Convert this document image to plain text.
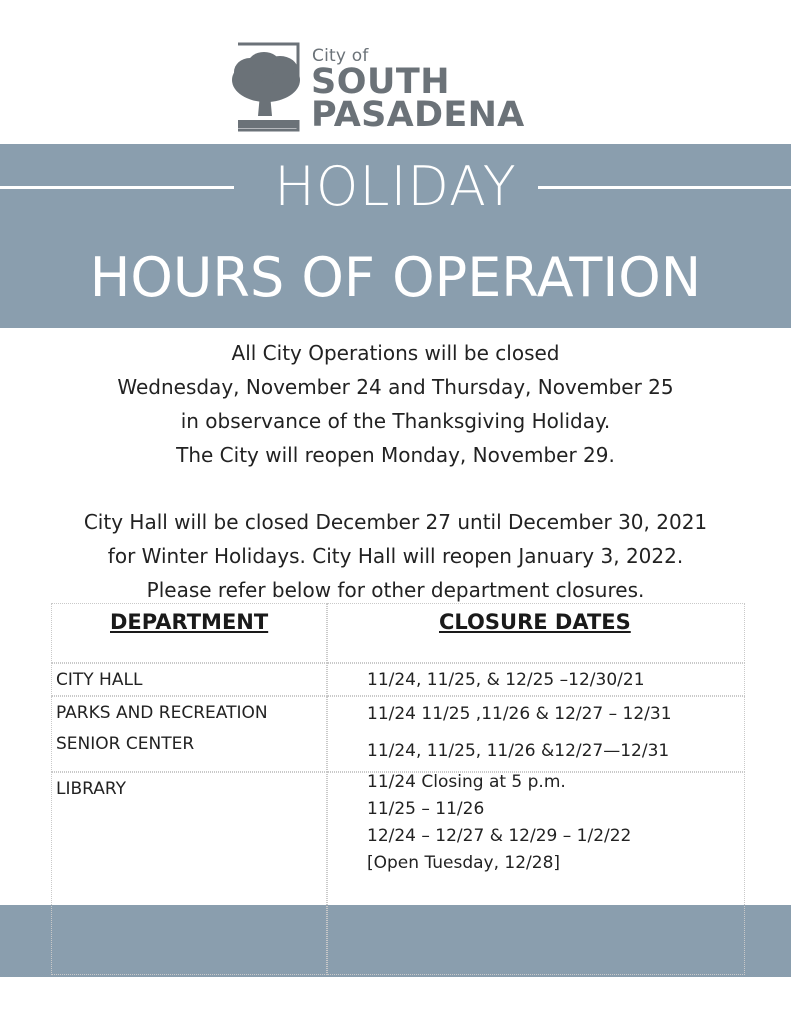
City of
SOUTH
PASADENA
HOLIDAY
HOURS OF OPERATION

All City Operations will be closed

Wednesday, November 24 and Thursday, November 25

in observance of the Thanksgiving Holiday.

The City will reopen Monday, November 29.

City Hall will be closed December 27 until December 30, 2021

for Winter Holidays. City Hall will reopen January 3, 2022.

Please refer below for other department closures.

DEPARTMENT	CLOSURE DATES
CITY HALL	11/24, 11/25, & 12/25 –12/30/21
PARKS AND RECREATION	11/24 11/25 ,11/26 & 12/27 – 12/31
SENIOR CENTER	11/24, 11/25, 11/26 &12/27—12/31
LIBRARY	11/24 Closing at 5 p.m.
11/25 – 11/26
12/24 – 12/27 & 12/29 – 1/2/22
[Open Tuesday, 12/28]
